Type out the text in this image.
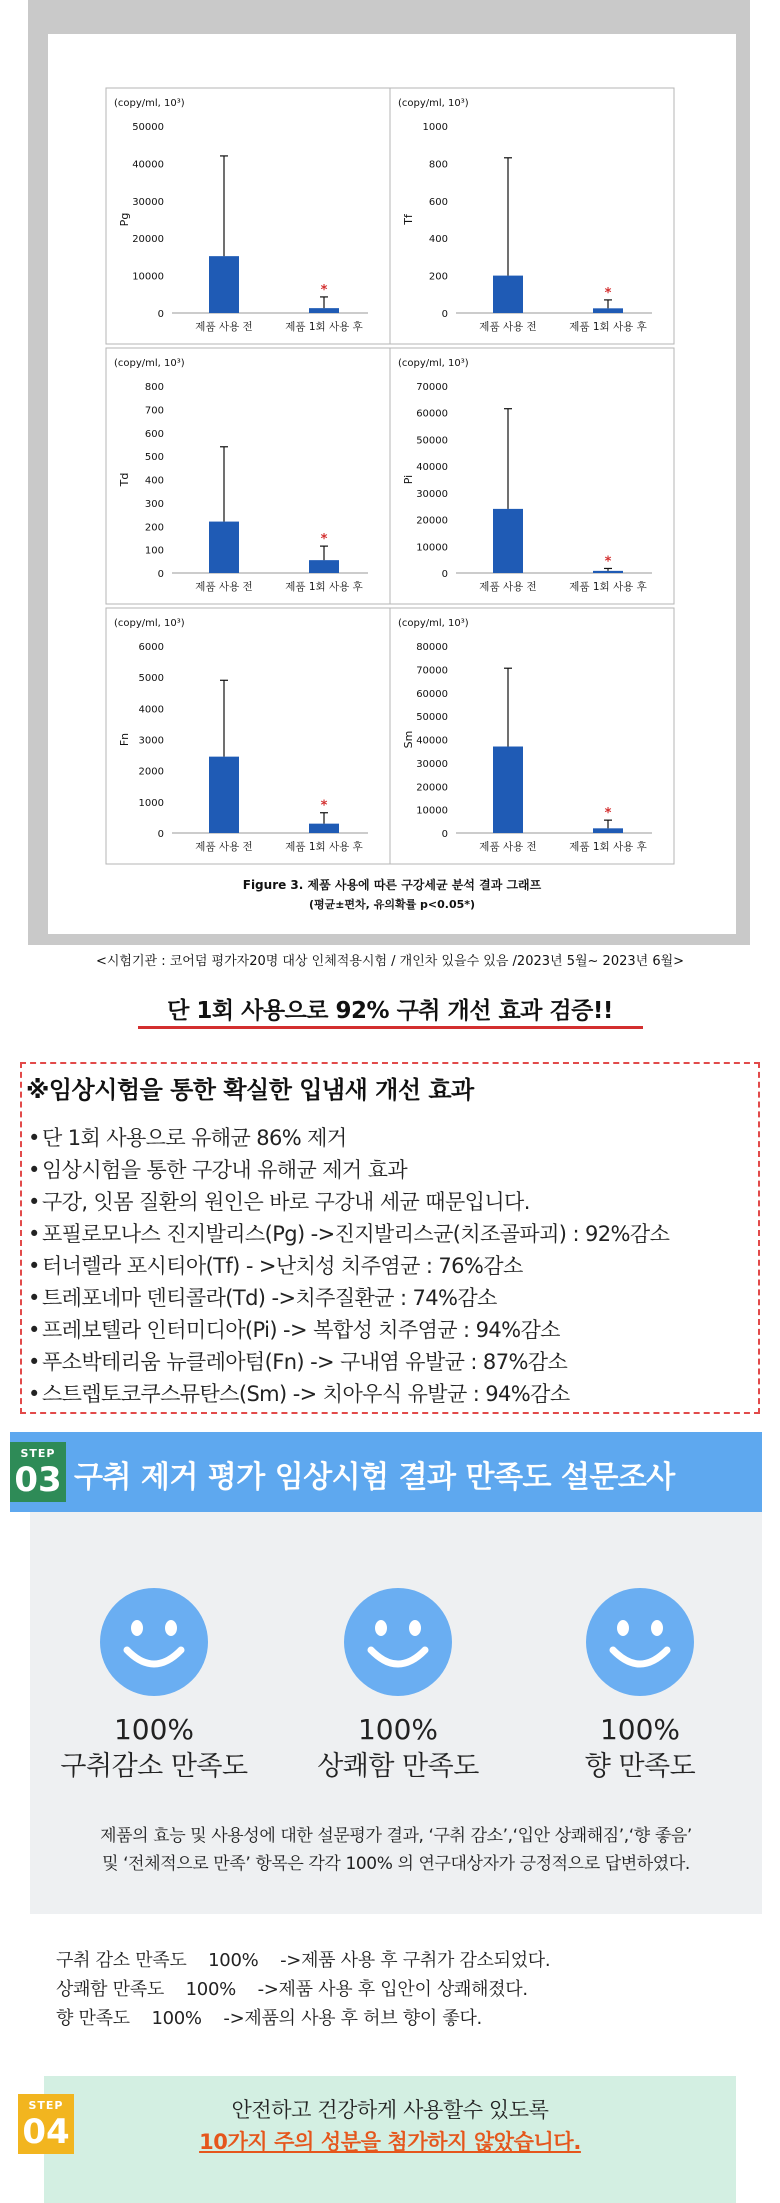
(copy/ml, 10³)
Pg
0
10000
20000
30000
40000
50000
제품 사용 전
*
제품 1회 사용 후
(copy/ml, 10³)
Tf
0
200
400
600
800
1000
제품 사용 전
*
제품 1회 사용 후
(copy/ml, 10³)
Td
0
100
200
300
400
500
600
700
800
제품 사용 전
*
제품 1회 사용 후
(copy/ml, 10³)
Pi
0
10000
20000
30000
40000
50000
60000
70000
제품 사용 전
*
제품 1회 사용 후
(copy/ml, 10³)
Fn
0
1000
2000
3000
4000
5000
6000
제품 사용 전
*
제품 1회 사용 후
(copy/ml, 10³)
Sm
0
10000
20000
30000
40000
50000
60000
70000
80000
제품 사용 전
*
제품 1회 사용 후
Figure 3. 제품 사용에 따른 구강세균 분석 결과 그래프
(평균±편차, 유의확률 p<0.05*)
<시험기관 : 코어덤 평가자20명 대상 인체적용시험 / 개인차 있을수 있음 /2023년 5월~ 2023년 6월>
단 1회 사용으로 92% 구취 개선 효과 검증!!
※임상시험을 통한 확실한 입냄새 개선 효과
• 단 1회 사용으로 유해균 86% 제거
• 임상시험을 통한 구강내 유해균 제거 효과
• 구강, 잇몸 질환의 원인은 바로 구강내 세균 때문입니다.
• 포필로모나스 진지발리스(Pg) ->진지발리스균(치조골파괴) : 92%감소
• 터너렐라 포시티아(Tf) - >난치성 치주염균 : 76%감소
• 트레포네마 덴티콜라(Td) ->치주질환균 : 74%감소
• 프레보텔라 인터미디아(Pi) -> 복합성 치주염균 : 94%감소
• 푸소박테리움 뉴클레아텀(Fn) -> 구내염 유발균 : 87%감소
• 스트렙토코쿠스뮤탄스(Sm) -> 치아우식 유발균 : 94%감소
STEP
03 구취 제거 평가 임상시험 결과 만족도 설문조사
100%
구취감소 만족도
100%
상쾌함 만족도
100%
향 만족도
제품의 효능 및 사용성에 대한 설문평가 결과, ‘구취 감소’,‘입안 상쾌해짐’,‘향 좋음’
및 ‘전체적으로 만족’ 항목은 각각 100% 의 연구대상자가 긍정적으로 답변하였다.
구취 감소 만족도    100%    ->제품 사용 후 구취가 감소되었다.
상쾌함 만족도    100%    ->제품 사용 후 입안이 상쾌해졌다.
향 만족도    100%    ->제품의 사용 후 허브 향이 좋다.
STEP
04
안전하고 건강하게 사용할수 있도록
10가지 주의 성분을 첨가하지 않았습니다.
